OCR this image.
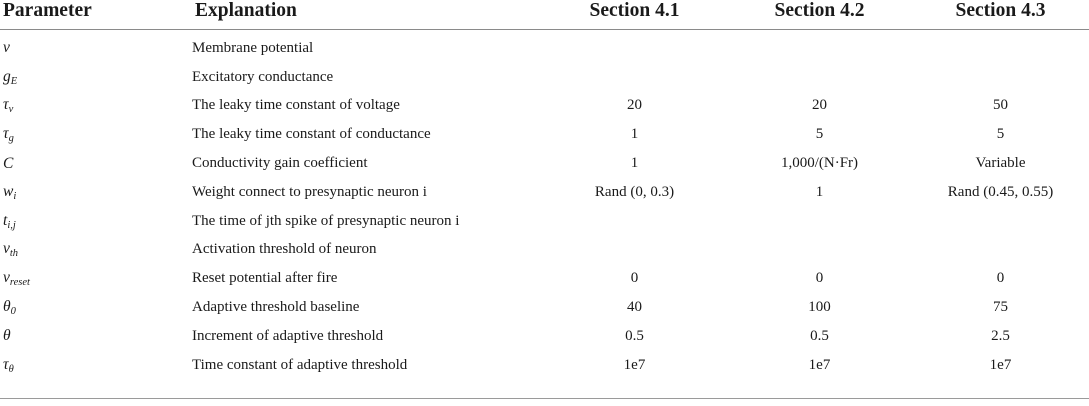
Parameter	Explanation	Section 4.1	Section 4.2	Section 4.3
v	Membrane potential			
$g_E$	Excitatory conductance			
$\tau_v$	The leaky time constant of voltage	20	20	50
$\tau_g$	The leaky time constant of conductance	1	5	5
C	Conductivity gain coefficient	1	1,000/(N·Fr)	Variable
$w_i$	Weight connect to presynaptic neuron i	Rand (0, 0.3)	1	Rand (0.45, 0.55)
$t_{i,j}$	The time of jth spike of presynaptic neuron i			
$v_{th}$	Activation threshold of neuron			
$v_{reset}$	Reset potential after fire	0	0	0
$\theta_0$	Adaptive threshold baseline	40	100	75
θ	Increment of adaptive threshold	0.5	0.5	2.5
$\tau_\theta$	Time constant of adaptive threshold	1e7	1e7	1e7
